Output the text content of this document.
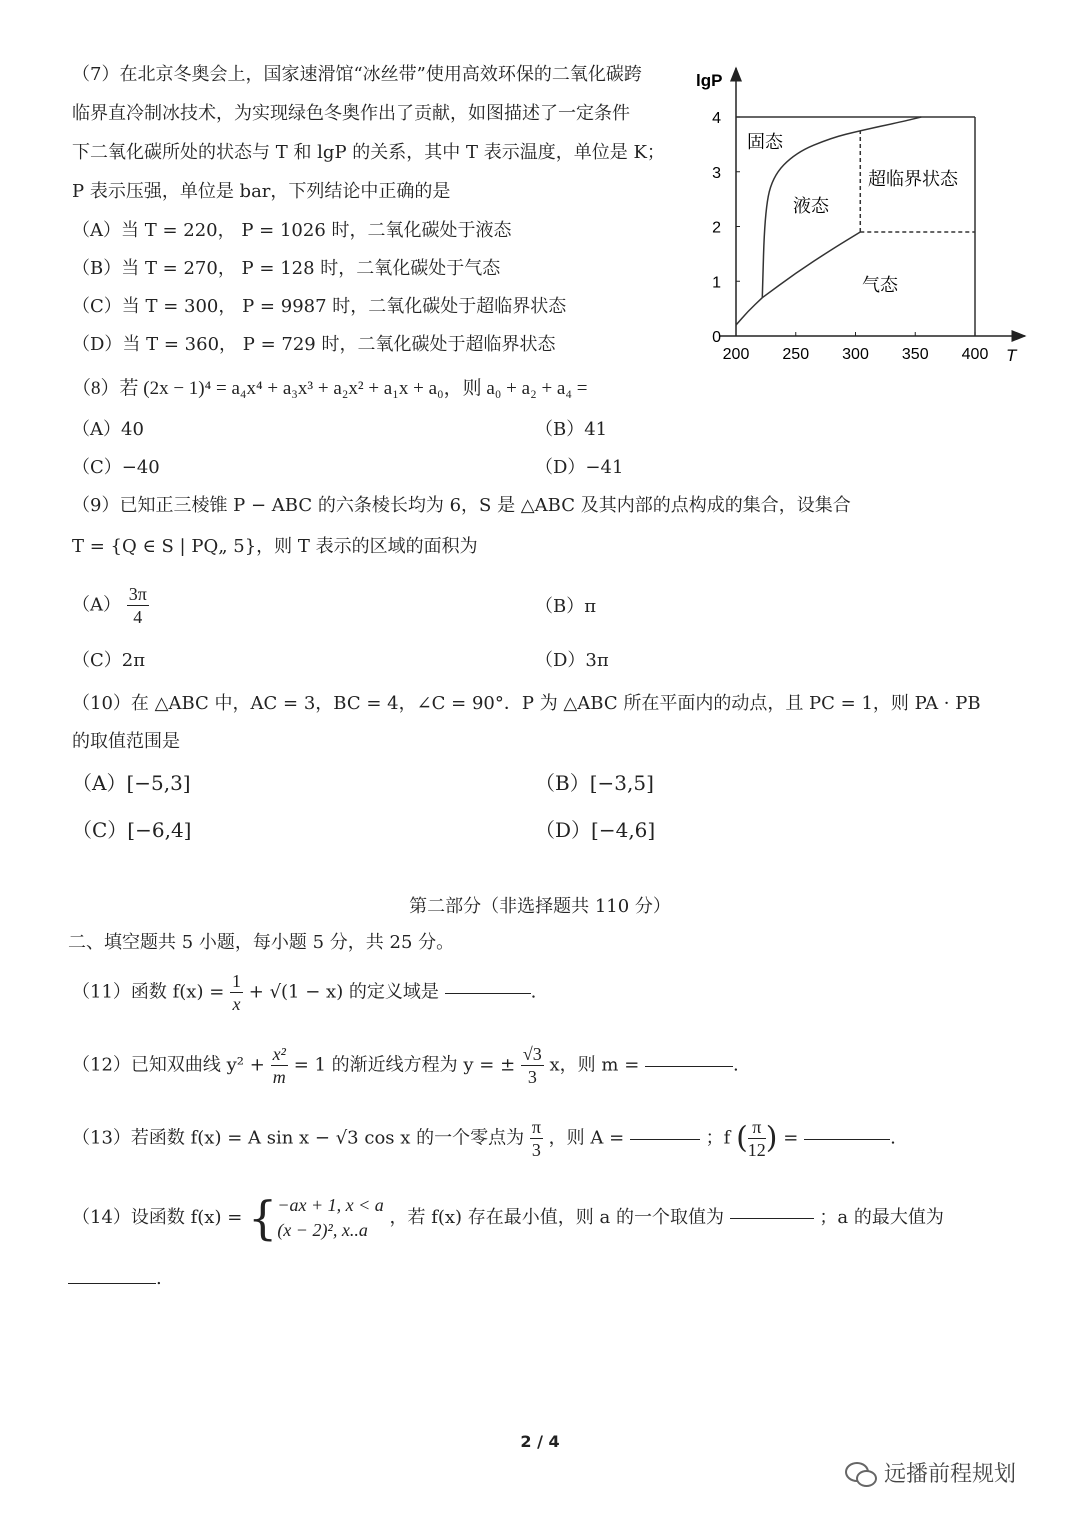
（7）在北京冬奥会上，国家速滑馆“冰丝带”使用高效环保的二氧化碳跨
临界直冷制冰技术，为实现绿色冬奥作出了贡献，如图描述了一定条件
下二氧化碳所处的状态与 T 和 lgP 的关系，其中 T 表示温度，单位是 K；
P 表示压强，单位是 bar，下列结论中正确的是
（A）当 T = 220， P = 1026 时，二氧化碳处于液态
（B）当 T = 270， P = 128 时，二氧化碳处于气态
（C）当 T = 300， P = 9987 时，二氧化碳处于超临界状态
（D）当 T = 360， P = 729 时，二氧化碳处于超临界状态
lgP
T
200 250 300 350 400
0
1
2
3
4
固态
液态
超临界状态
气态
（8）若 (2x − 1)⁴ = a₄x⁴ + a₃x³ + a₂x² + a₁x + a₀，则 a₀ + a₂ + a₄ =
（A）40	（B）41
（C）−40	（D）−41
（9）已知正三棱锥 P − ABC 的六条棱长均为 6，S 是 △ABC 及其内部的点构成的集合，设集合
T = {Q ∈ S | PQ„ 5}，则 T 表示的区域的面积为
$(A) \frac{3\pi}{4}$	（B）π
（C）2π	（D）3π
（10）在 △ABC 中，AC = 3，BC = 4，∠C = 90°．P 为 △ABC 所在平面内的动点，且 PC = 1，则 PA · PB
的取值范围是
（A）[−5,3]	（B）[−3,5]
（C）[−6,4]	（D）[−4,6]
第二部分（非选择题共 110 分）
二、填空题共 5 小题，每小题 5 分，共 25 分。
（11）函数 $f(x) = \frac{1}{x} + √(1 - x)$ 的定义域是	.
（12）已知双曲线 $y^2 + \frac{\text{x²}}{m} = 1$ 的渐近线方程为 y = ± $\frac{√3}{3}$ x，则 m =	.
（13）若函数 f(x) = A sin x − √3 cos x 的一个零点为 $\frac{\pi}{3}$ ，则 A =	；f ( $\frac{\pi}{12}$ ) =	.
（14）设函数 f(x) = { −ax + 1, x < a
(x − 2)², x..a
，若 f(x) 存在最小值，则 a 的一个取值为	；a 的最大值为
.
2 / 4
远播前程规划
